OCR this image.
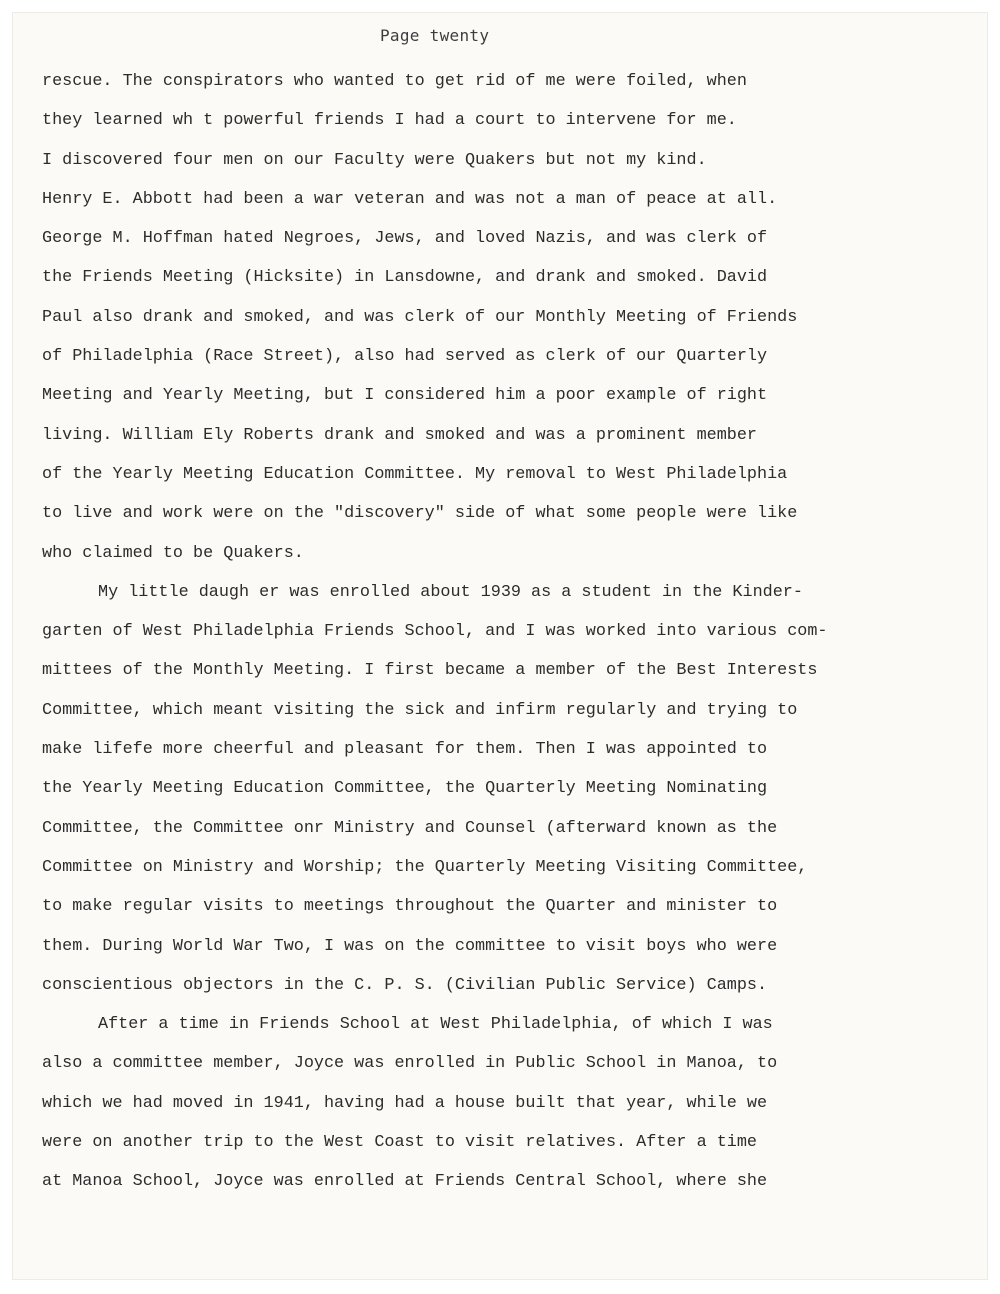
Page twenty
rescue. The conspirators who wanted to get rid of me were foiled, when
they learned wh t powerful friends I had a court to intervene for me.
I discovered four men on our Faculty were Quakers but not my kind.
Henry E. Abbott had been a war veteran and was not a man of peace at all.
George M. Hoffman hated Negroes, Jews, and loved Nazis, and was clerk of
the Friends Meeting (Hicksite) in Lansdowne, and drank and smoked. David
Paul also drank and smoked, and was clerk of our Monthly Meeting of Friends
of Philadelphia (Race Street), also had served as clerk of our Quarterly
Meeting and Yearly Meeting, but I considered him a poor example of right
living. William Ely Roberts drank and smoked and was a prominent member
of the Yearly Meeting Education Committee. My removal to West Philadelphia
to live and work were on the "discovery" side of what some people were like
who claimed to be Quakers.
My little daugh er was enrolled about 1939 as a student in the Kinder-
garten of West Philadelphia Friends School, and I was worked into various com-
mittees of the Monthly Meeting. I first became a member of the Best Interests
Committee, which meant visiting the sick and infirm regularly and trying to
make lifefe more cheerful and pleasant for them. Then I was appointed to
the Yearly Meeting Education Committee, the Quarterly Meeting Nominating
Committee, the Committee onr Ministry and Counsel (afterward known as the
Committee on Ministry and Worship; the Quarterly Meeting Visiting Committee,
to make regular visits to meetings throughout the Quarter and minister to
them. During World War Two, I was on the committee to visit boys who were
conscientious objectors in the C. P. S. (Civilian Public Service) Camps.
After a time in Friends School at West Philadelphia, of which I was
also a committee member, Joyce was enrolled in Public School in Manoa, to
which we had moved in 1941, having had a house built that year, while we
were on another trip to the West Coast to visit relatives. After a time
at Manoa School, Joyce was enrolled at Friends Central School, where she
